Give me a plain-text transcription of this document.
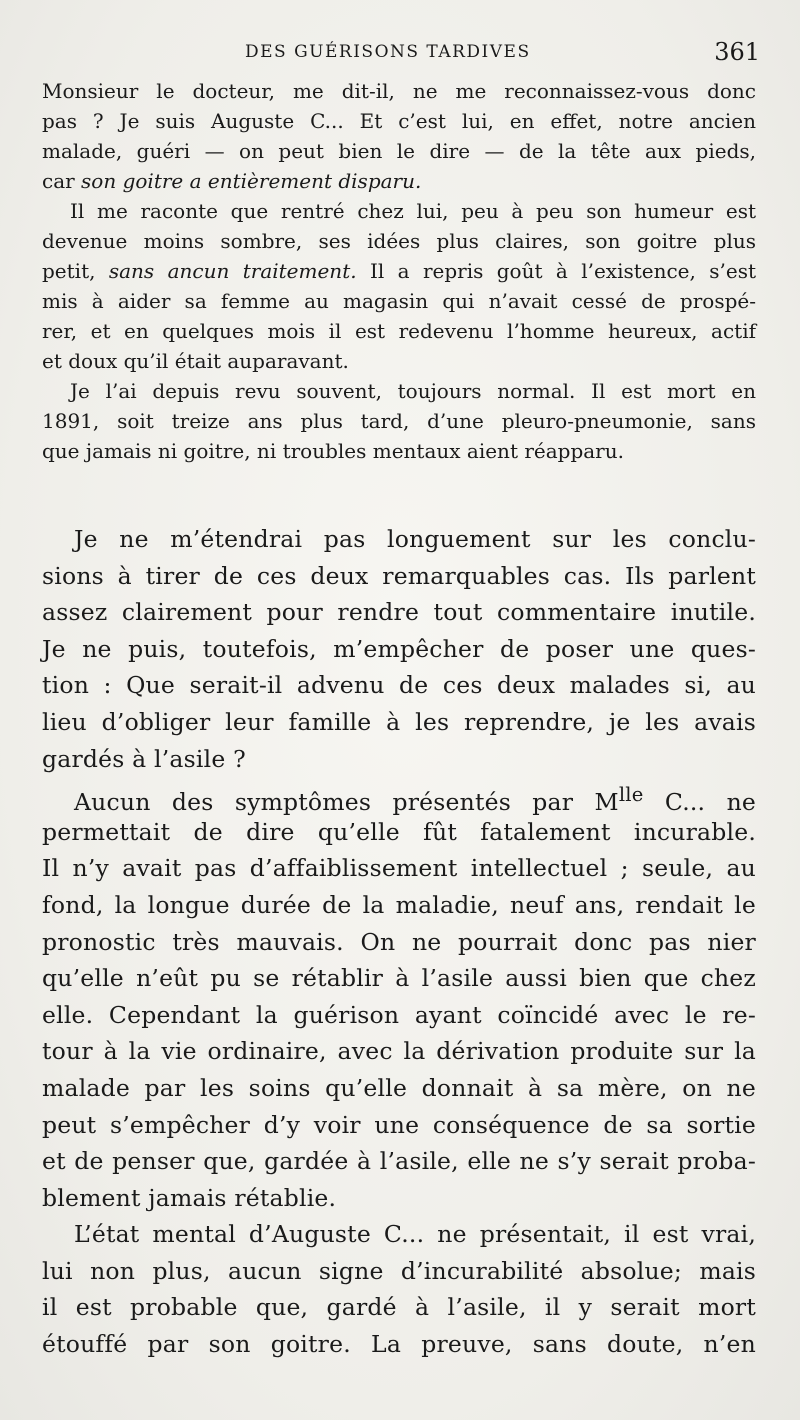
DES GUÉRISONS TARDIVES	361
Monsieur le docteur, me dit-il, ne me reconnaissez-vous donc
pas ? Je suis Auguste C... Et c’est lui, en effet, notre ancien
malade, guéri — on peut bien le dire — de la tête aux pieds,
car son goitre a entièrement disparu.
Il me raconte que rentré chez lui, peu à peu son humeur est
devenue moins sombre, ses idées plus claires, son goitre plus
petit, sans ancun traitement. Il a repris goût à l’existence, s’est
mis à aider sa femme au magasin qui n’avait cessé de prospé-
rer, et en quelques mois il est redevenu l’homme heureux, actif
et doux qu’il était auparavant.
Je l’ai depuis revu souvent, toujours normal. Il est mort en
1891, soit treize ans plus tard, d’une pleuro-pneumonie, sans
que jamais ni goitre, ni troubles mentaux aient réapparu.
Je ne m’étendrai pas longuement sur les conclu-
sions à tirer de ces deux remarquables cas. Ils parlent
assez clairement pour rendre tout commentaire inutile.
Je ne puis, toutefois, m’empêcher de poser une ques-
tion : Que serait-il advenu de ces deux malades si, au
lieu d’obliger leur famille à les reprendre, je les avais
gardés à l’asile ?
Aucun des symptômes présentés par $M^{lle}$ C... ne
permettait de dire qu’elle fût fatalement incurable.
Il n’y avait pas d’affaiblissement intellectuel ; seule, au
fond, la longue durée de la maladie, neuf ans, rendait le
pronostic très mauvais. On ne pourrait donc pas nier
qu’elle n’eût pu se rétablir à l’asile aussi bien que chez
elle. Cependant la guérison ayant coïncidé avec le re-
tour à la vie ordinaire, avec la dérivation produite sur la
malade par les soins qu’elle donnait à sa mère, on ne
peut s’empêcher d’y voir une conséquence de sa sortie
et de penser que, gardée à l’asile, elle ne s’y serait proba-
blement jamais rétablie.
L’état mental d’Auguste C... ne présentait, il est vrai,
lui non plus, aucun signe d’incurabilité absolue; mais
il est probable que, gardé à l’asile, il y serait mort
étouffé par son goitre. La preuve, sans doute, n’en
